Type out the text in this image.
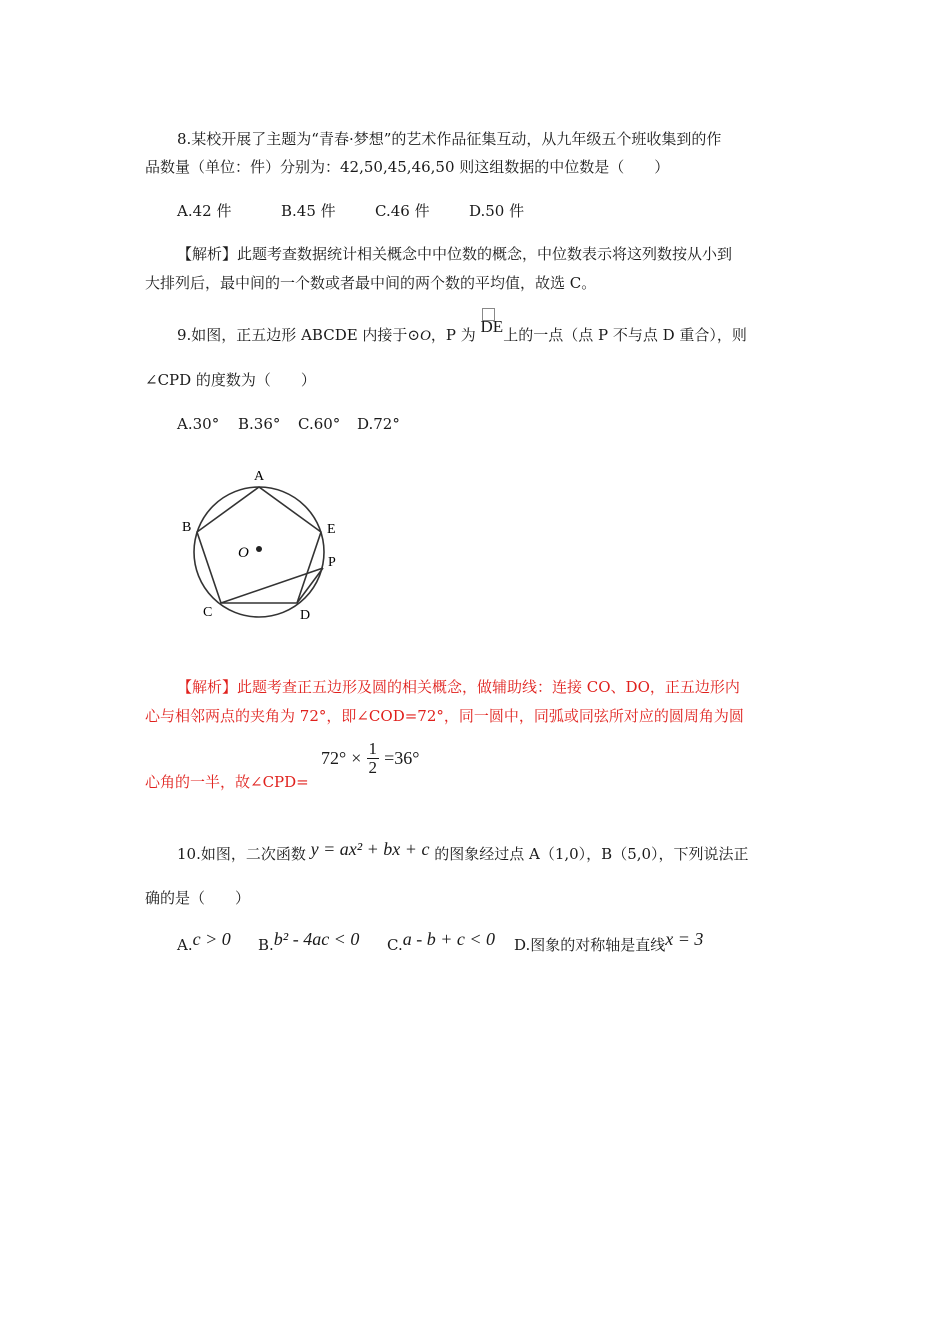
8.某校开展了主题为“青春·梦想”的艺术作品征集互动，从九年级五个班收集到的作
品数量（单位：件）分别为：42,50,45,46,50 则这组数据的中位数是（　　）
A.42 件	B.45 件	C.46 件	D.50 件
【解析】此题考查数据统计相关概念中中位数的概念，中位数表示将这列数按从小到
大排列后，最中间的一个数或者最中间的两个数的平均值，故选 C。
9.如图，正五边形 ABCDE 内接于⊙O，P 为 DE上的一点（点 P 不与点 D 重合），则
∠CPD 的度数为（　　）
A.30° B.36° C.60° D.72°
A
B
C	D
E
P
O
【解析】此题考查正五边形及圆的相关概念，做辅助线：连接 CO、DO，正五边形内
心与相邻两点的夹角为 72°，即∠COD=72°，同一圆中，同弧或同弦所对应的圆周角为圆
心角的一半，故∠CPD=
$72^\circ \times \frac{1}{2} =36^\circ$
10.如图，二次函数 y = ax² + bx + c 的图象经过点 A（1,0），B（5,0），下列说法正
确的是（　　）
A.c > 0 B.b² - 4ac < 0 C.a - b + c < 0 D.图象的对称轴是直线x = 3
